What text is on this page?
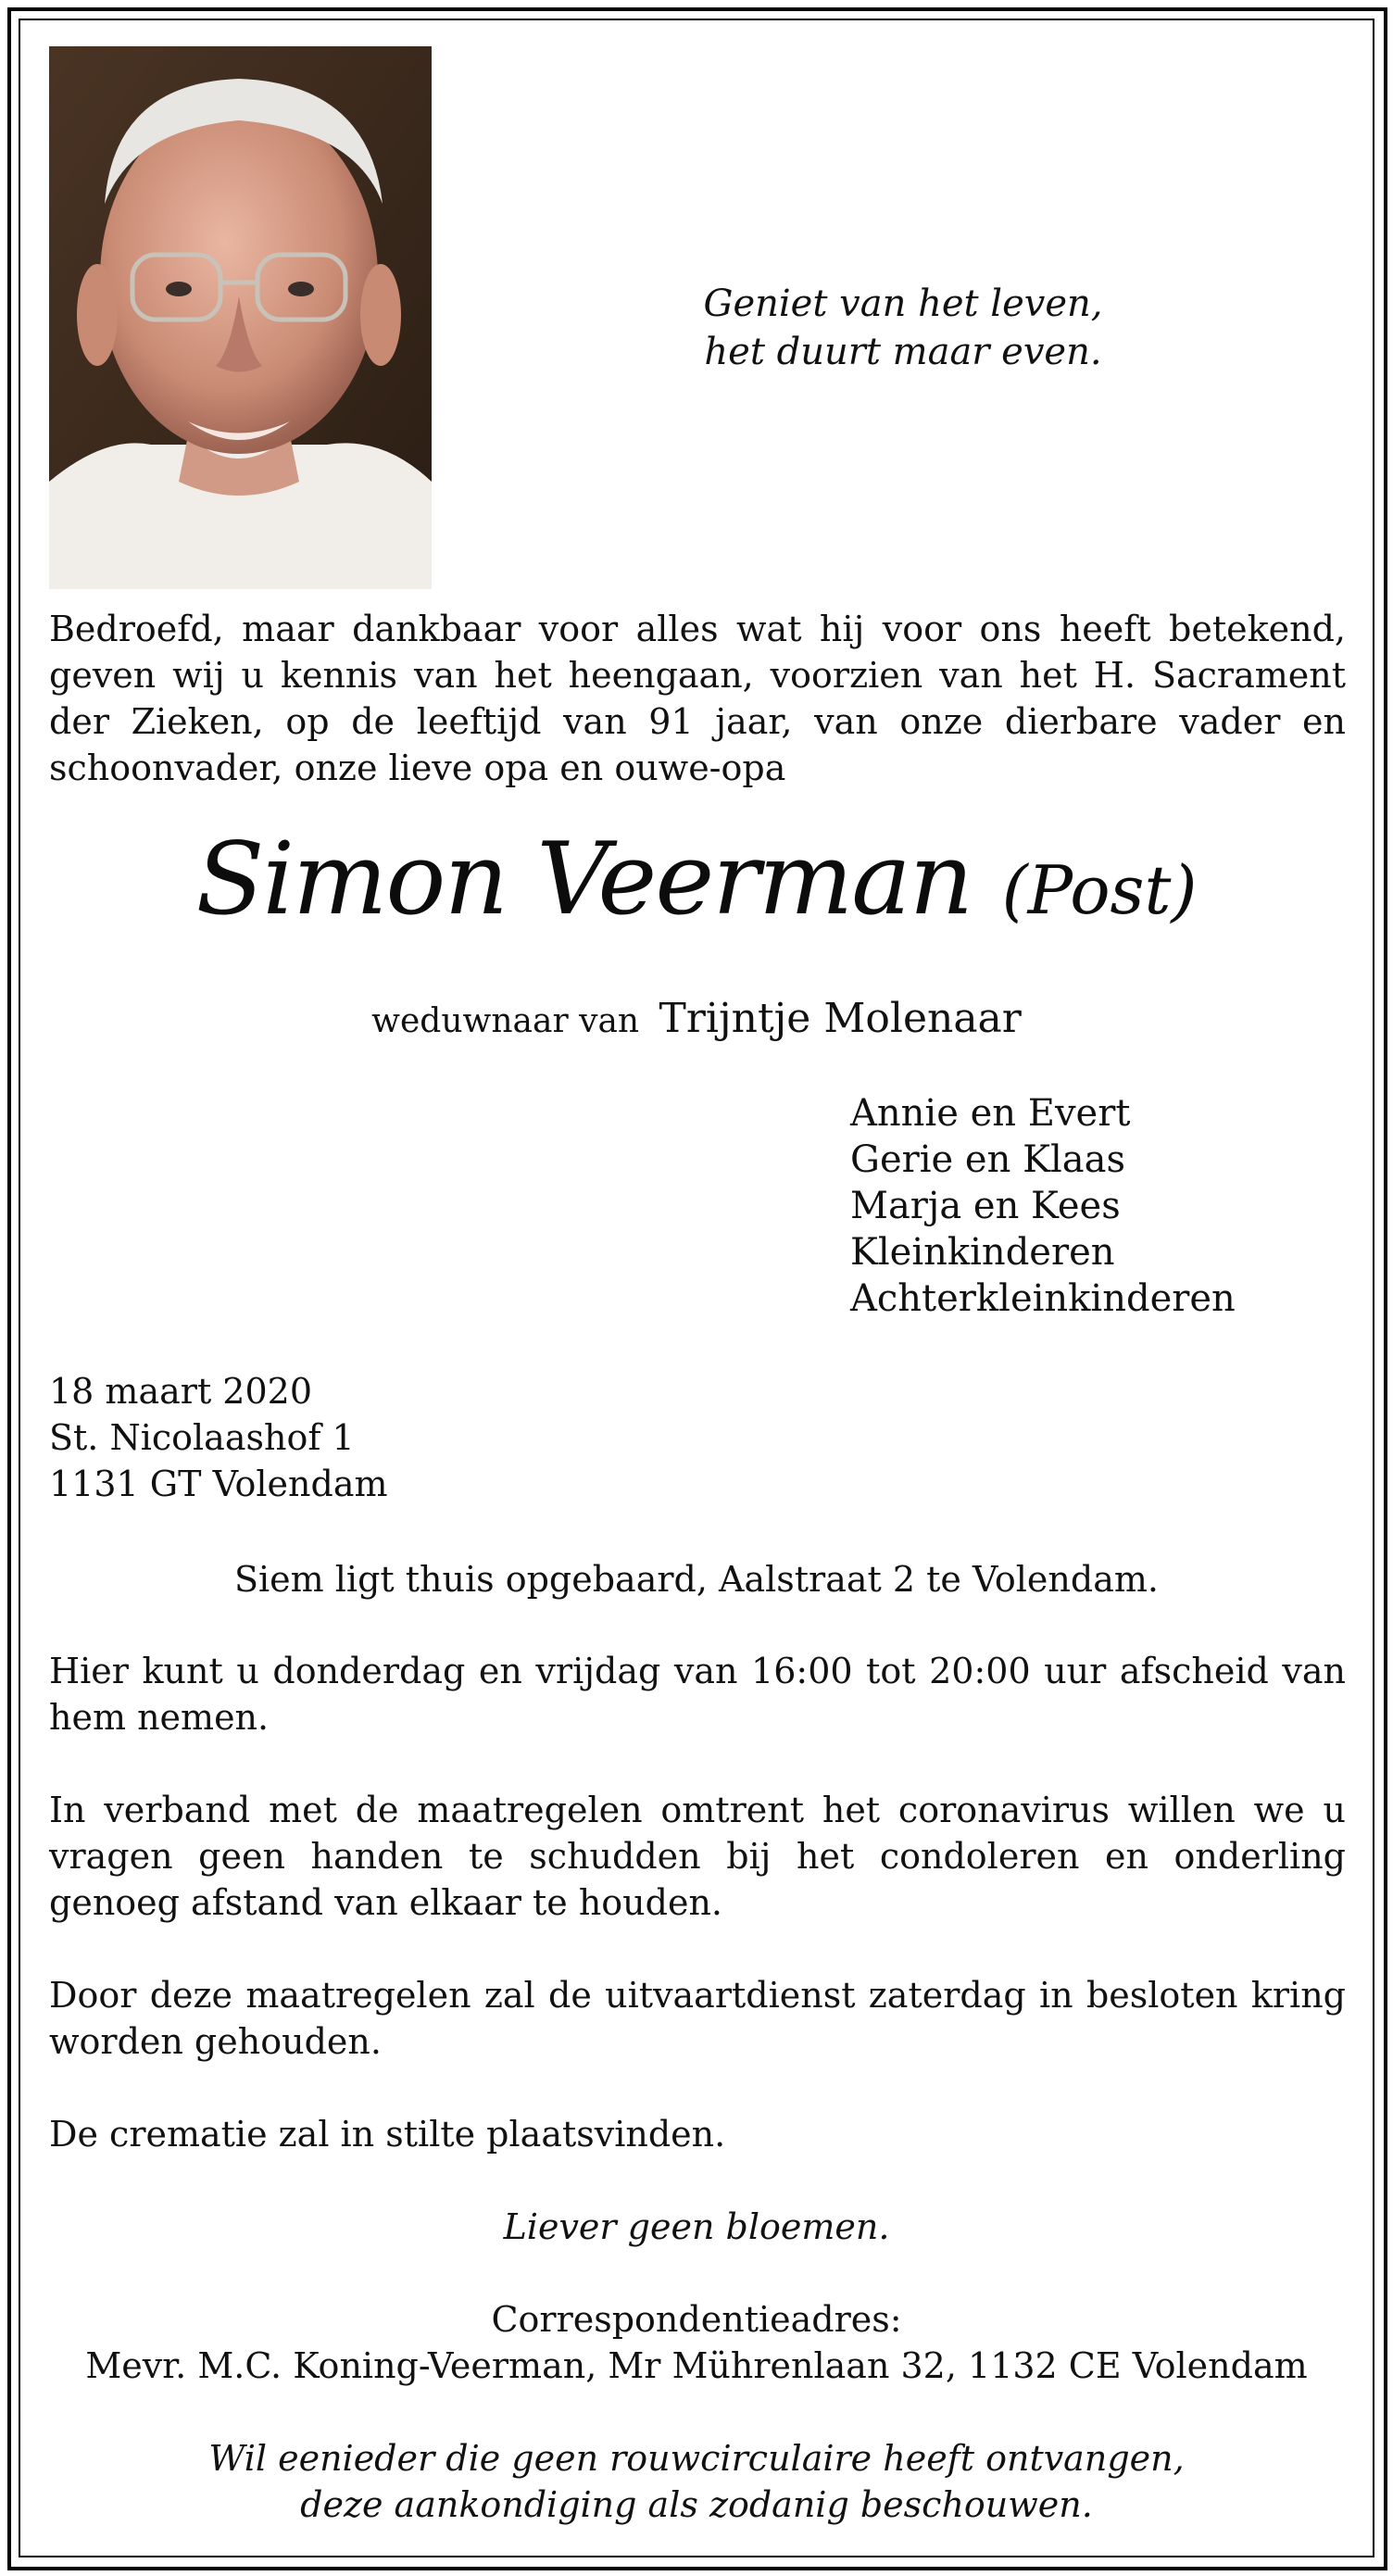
Geniet van het leven,
het duurt maar even.
Bedroefd, maar dankbaar voor alles wat hij voor ons heeft betekend, geven wij u kennis van het heengaan, voorzien van het H. Sacrament der Zieken, op de leeftijd van 91 jaar, van onze dierbare vader en schoonvader, onze lieve opa en ouwe-opa
Simon Veerman (Post)
weduwnaar van Trijntje Molenaar
Annie en Evert
Gerie en Klaas
Marja en Kees
Kleinkinderen
Achterkleinkinderen
18 maart 2020
St. Nicolaashof 1
1131 GT Volendam
Siem ligt thuis opgebaard, Aalstraat 2 te Volendam.
Hier kunt u donderdag en vrijdag van 16:00 tot 20:00 uur afscheid van hem nemen.
In verband met de maatregelen omtrent het coronavirus willen we u vragen geen handen te schudden bij het condoleren en onderling genoeg afstand van elkaar te houden.
Door deze maatregelen zal de uitvaartdienst zaterdag in besloten kring worden gehouden.
De crematie zal in stilte plaatsvinden.
Liever geen bloemen.
Correspondentieadres:
Mevr. M.C. Koning-Veerman, Mr Mührenlaan 32, 1132 CE Volendam
Wil eenieder die geen rouwcirculaire heeft ontvangen,
deze aankondiging als zodanig beschouwen.
